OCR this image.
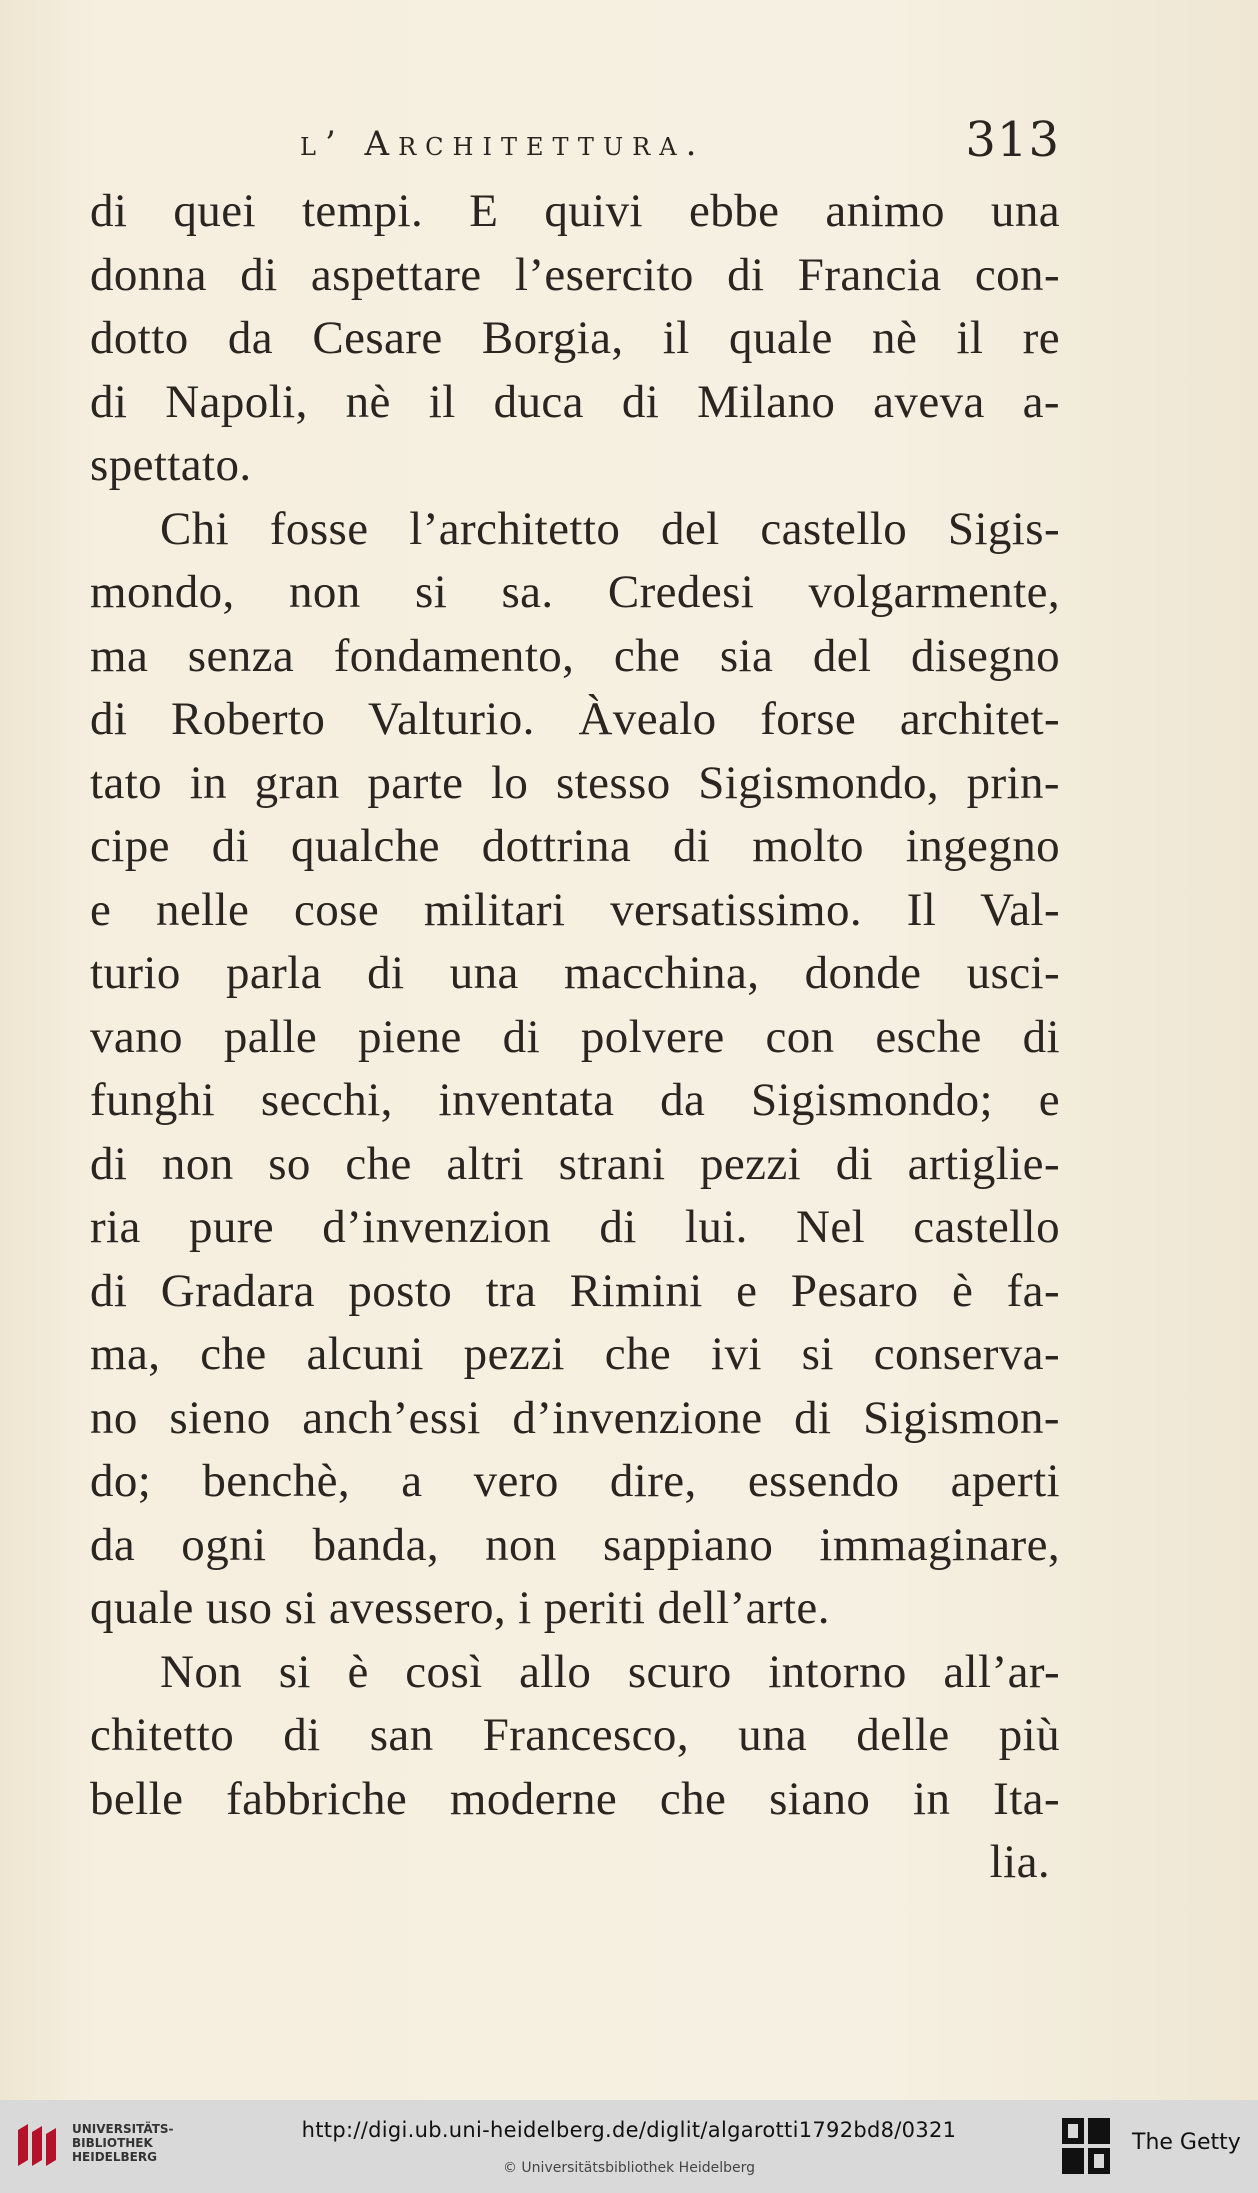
l’ Architettura.	313
di quei tempi. E quivi ebbe animo una
donna di aspettare l’esercito di Francia con-
dotto da Cesare Borgia, il quale nè il re
di Napoli, nè il duca di Milano aveva a-
spettato.
Chi fosse l’architetto del castello Sigis-
mondo, non si sa. Credesi volgarmente,
ma senza fondamento, che sia del disegno
di Roberto Valturio. Àvealo forse architet-
tato in gran parte lo stesso Sigismondo, prin-
cipe di qualche dottrina di molto ingegno
e nelle cose militari versatissimo. Il Val-
turio parla di una macchina, donde usci-
vano palle piene di polvere con esche di
funghi secchi, inventata da Sigismondo; e
di non so che altri strani pezzi di artiglie-
ria pure d’invenzion di lui. Nel castello
di Gradara posto tra Rimini e Pesaro è fa-
ma, che alcuni pezzi che ivi si conserva-
no sieno anch’essi d’invenzione di Sigismon-
do; benchè, a vero dire, essendo aperti
da ogni banda, non sappiano immaginare,
quale uso si avessero, i periti dell’arte.
Non si è così allo scuro intorno all’ar-
chitetto di san Francesco, una delle più
belle fabbriche moderne che siano in Ita-
lia.
UNIVERSITÄTS-
BIBLIOTHEK
HEIDELBERG
http://digi.ub.uni-heidelberg.de/diglit/algarotti1792bd8/0321
© Universitätsbibliothek Heidelberg
The Getty
